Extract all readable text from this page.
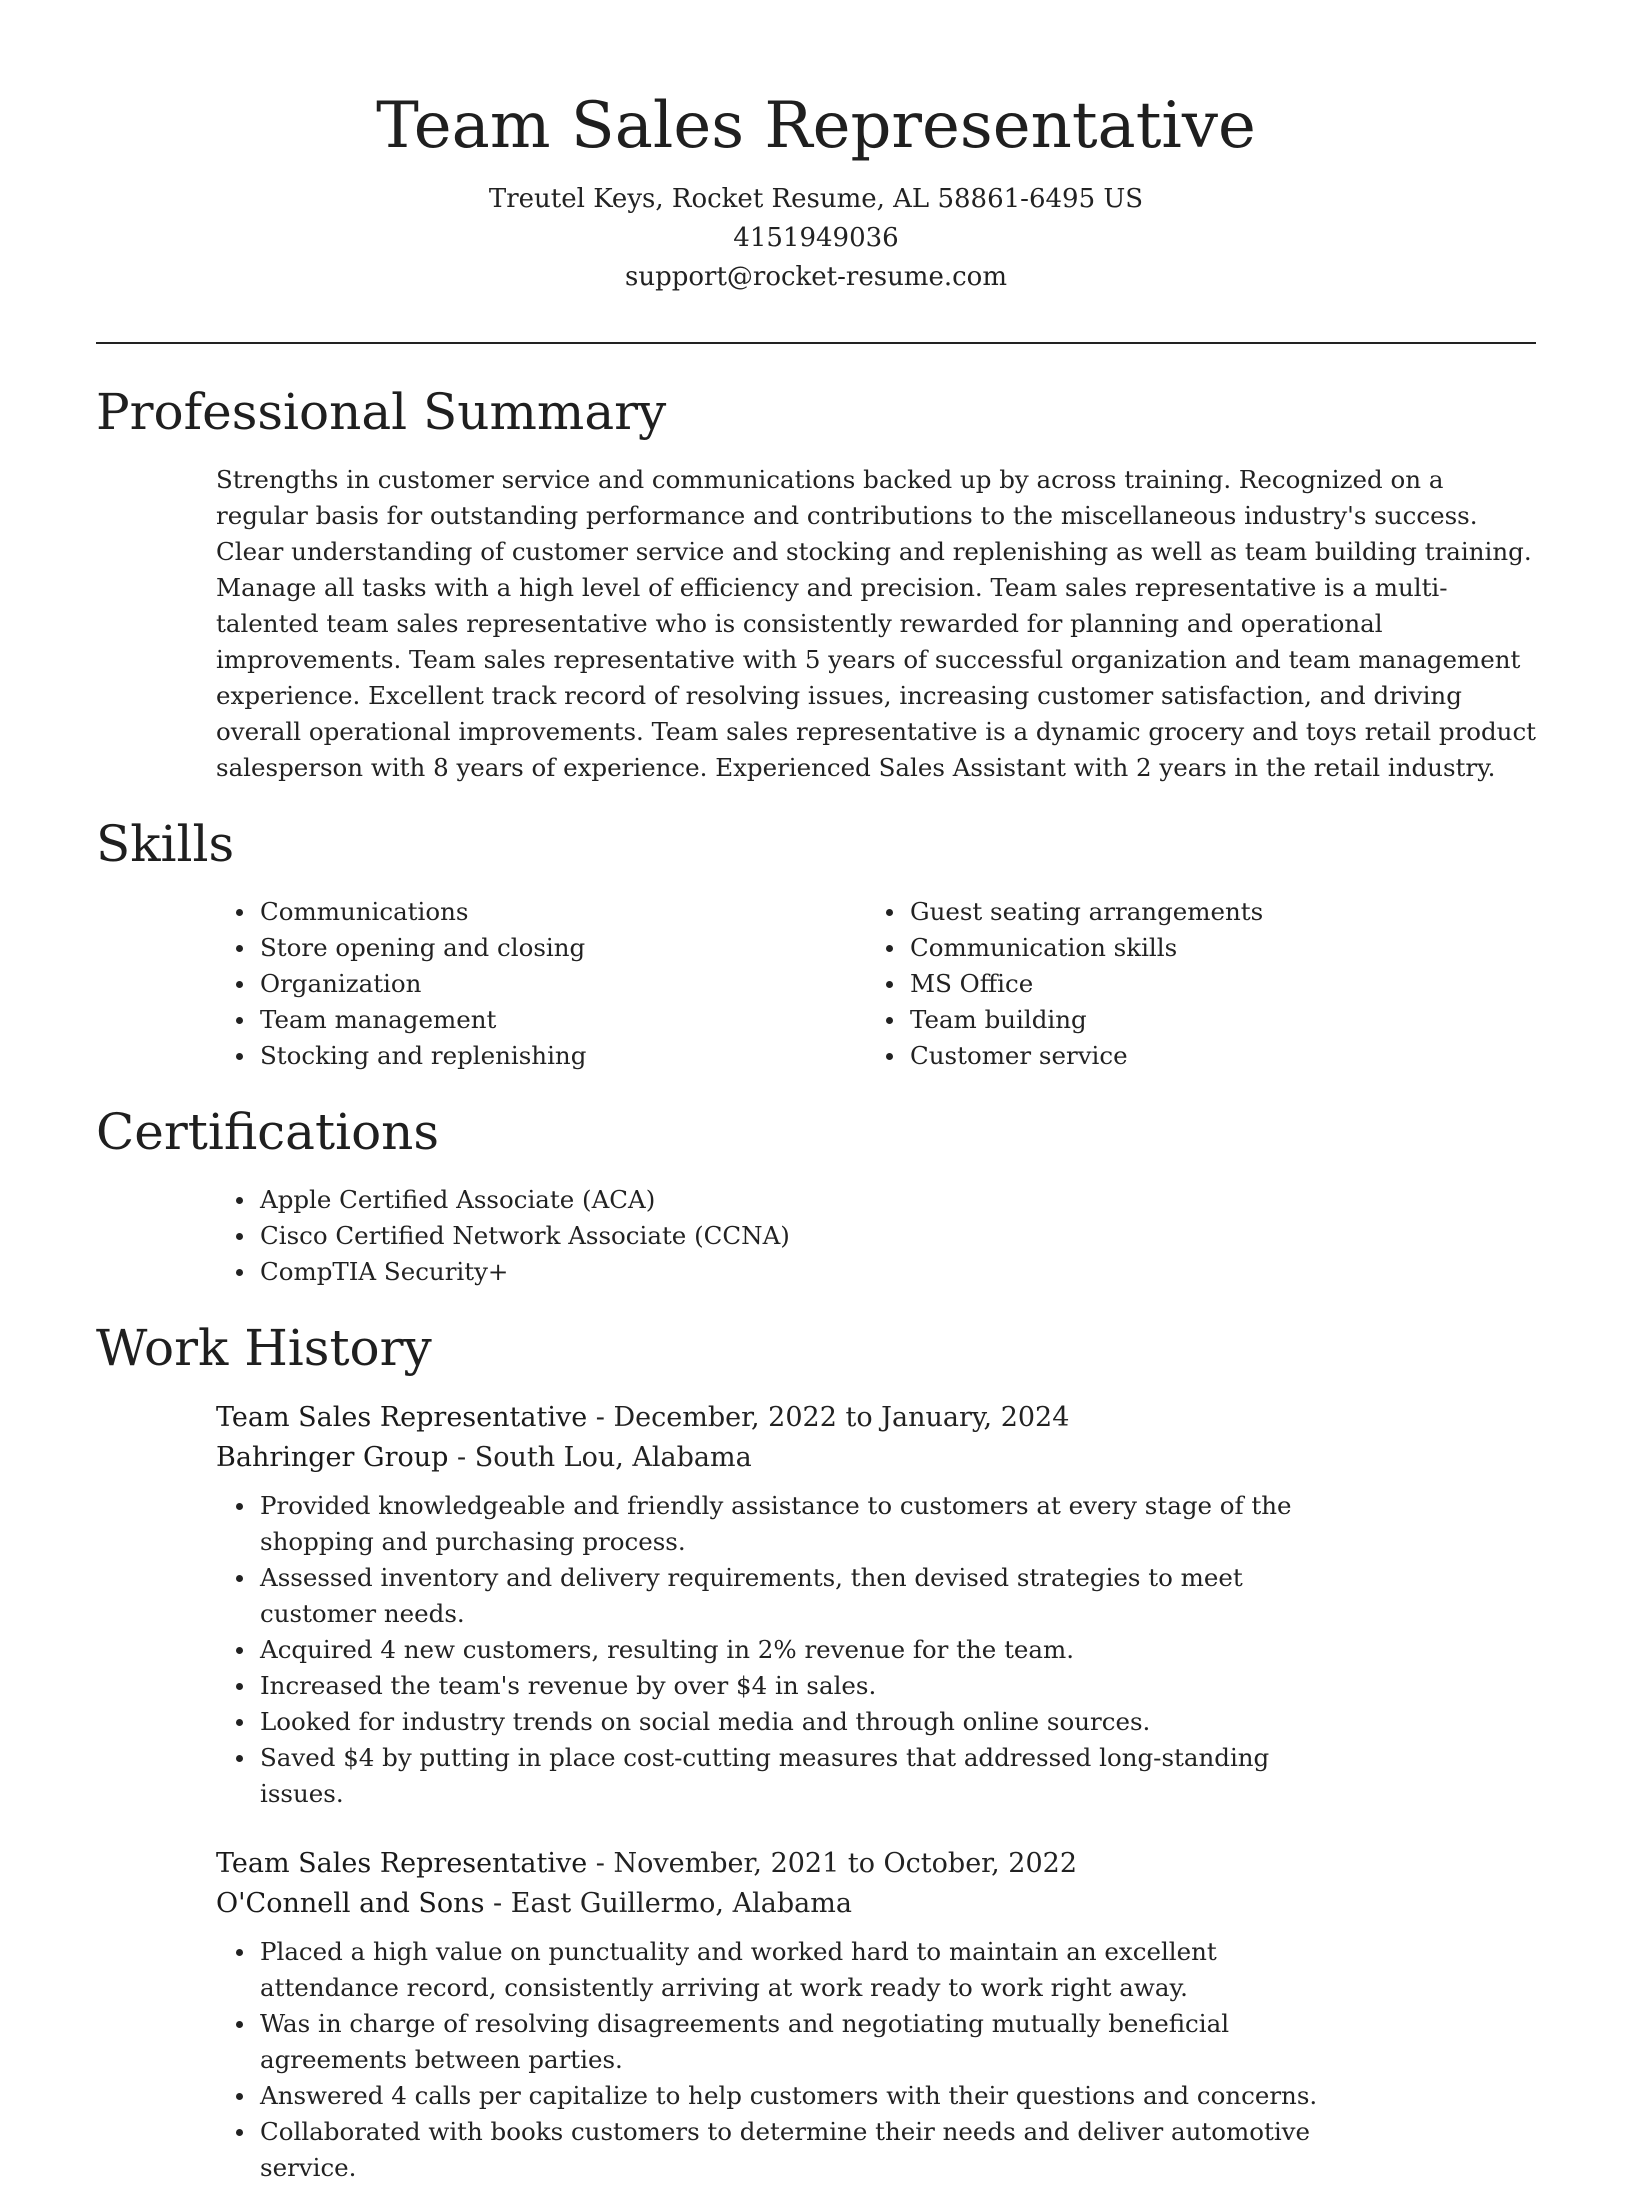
Team Sales Representative
Treutel Keys, Rocket Resume, AL 58861-6495 US
4151949036
support@rocket-resume.com
Professional Summary

Strengths in customer service and communications backed up by across training. Recognized on a regular basis for outstanding performance and contributions to the miscellaneous industry's success. Clear understanding of customer service and stocking and replenishing as well as team building training. Manage all tasks with a high level of efficiency and precision. Team sales representative is a multi-talented team sales representative who is consistently rewarded for planning and operational improvements. Team sales representative with 5 years of successful organization and team management experience. Excellent track record of resolving issues, increasing customer satisfaction, and driving overall operational improvements. Team sales representative is a dynamic grocery and toys retail product salesperson with 8 years of experience. Experienced Sales Assistant with 2 years in the retail industry.

Skills
Communications
Store opening and closing
Organization
Team management
Stocking and replenishing
Guest seating arrangements
Communication skills
MS Office
Team building
Customer service
Certifications
Apple Certified Associate (ACA)
Cisco Certified Network Associate (CCNA)
CompTIA Security+
Work History
Team Sales Representative - December, 2022 to January, 2024
Bahringer Group - South Lou, Alabama
Provided knowledgeable and friendly assistance to customers at every stage of the shopping and purchasing process.
Assessed inventory and delivery requirements, then devised strategies to meet customer needs.
Acquired 4 new customers, resulting in 2% revenue for the team.
Increased the team's revenue by over $4 in sales.
Looked for industry trends on social media and through online sources.
Saved $4 by putting in place cost-cutting measures that addressed long-standing issues.
Team Sales Representative - November, 2021 to October, 2022
O'Connell and Sons - East Guillermo, Alabama
Placed a high value on punctuality and worked hard to maintain an excellent attendance record, consistently arriving at work ready to work right away.
Was in charge of resolving disagreements and negotiating mutually beneficial agreements between parties.
Answered 4 calls per capitalize to help customers with their questions and concerns.
Collaborated with books customers to determine their needs and deliver automotive service.
